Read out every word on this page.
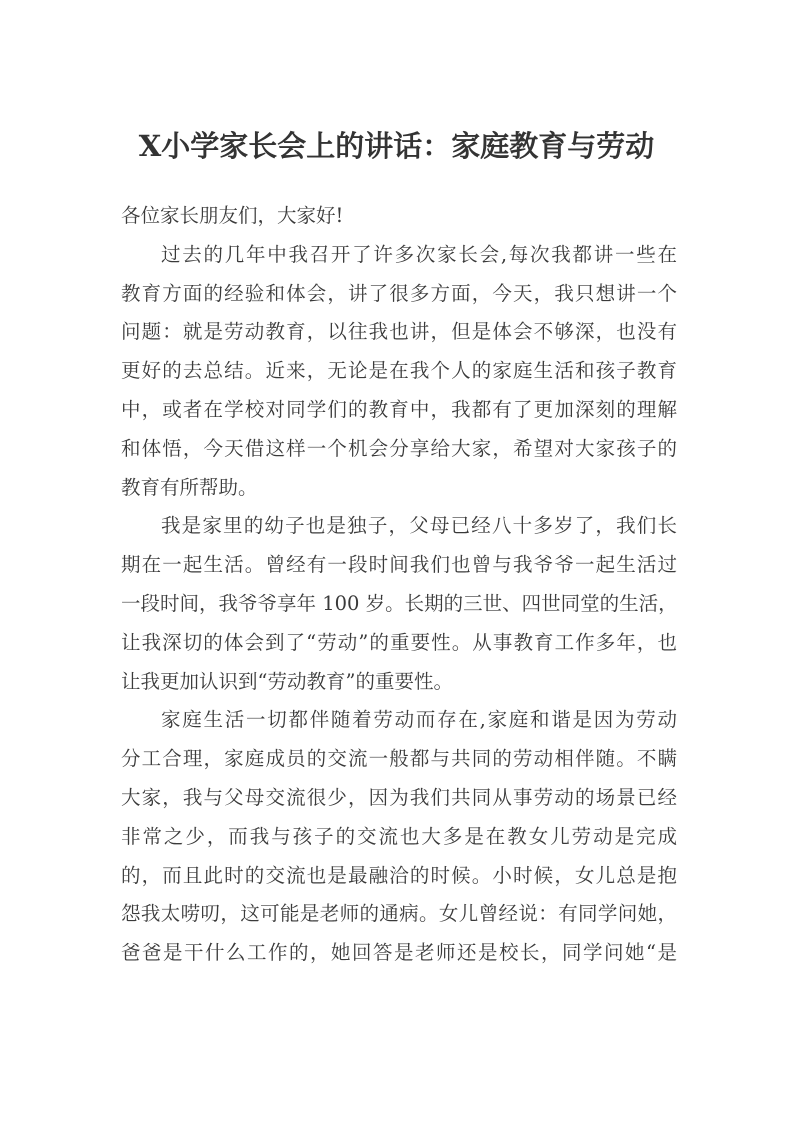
X小学家长会上的讲话：家庭教育与劳动
各位家长朋友们，大家好!
过去的几年中我召开了许多次家长会,每次我都讲一些在
教育方面的经验和体会，讲了很多方面，今天，我只想讲一个
问题：就是劳动教育，以往我也讲，但是体会不够深，也没有
更好的去总结。近来，无论是在我个人的家庭生活和孩子教育
中，或者在学校对同学们的教育中，我都有了更加深刻的理解
和体悟，今天借这样一个机会分享给大家，希望对大家孩子的
教育有所帮助。
我是家里的幼子也是独子，父母已经八十多岁了，我们长
期在一起生活。曾经有一段时间我们也曾与我爷爷一起生活过
一段时间，我爷爷享年 100 岁。长期的三世、四世同堂的生活，
让我深切的体会到了“劳动”的重要性。从事教育工作多年，也
让我更加认识到“劳动教育”的重要性。
家庭生活一切都伴随着劳动而存在,家庭和谐是因为劳动
分工合理，家庭成员的交流一般都与共同的劳动相伴随。不瞒
大家，我与父母交流很少，因为我们共同从事劳动的场景已经
非常之少，而我与孩子的交流也大多是在教女儿劳动是完成
的，而且此时的交流也是最融洽的时候。小时候，女儿总是抱
怨我太唠叨，这可能是老师的通病。女儿曾经说：有同学问她，
爸爸是干什么工作的，她回答是老师还是校长，同学问她“是
